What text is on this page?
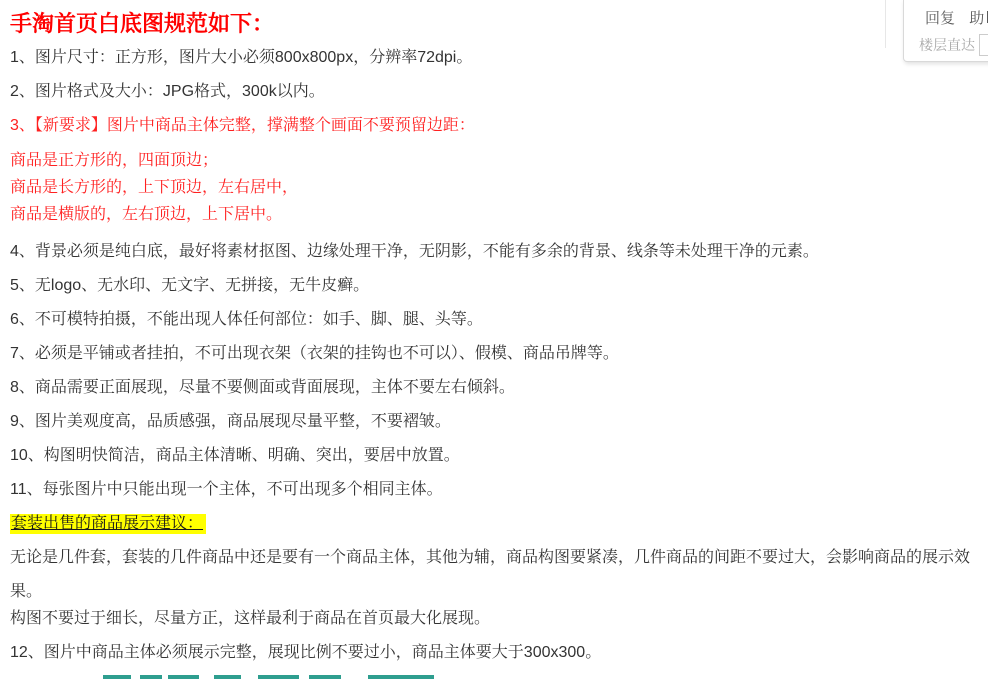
手淘首页白底图规范如下：

1、图片尺寸：正方形，图片大小必须800x800px，分辨率72dpi。

2、图片格式及大小：JPG格式，300k以内。

3、【新要求】图片中商品主体完整，撑满整个画面不要预留边距：

商品是正方形的，四面顶边；
商品是长方形的，上下顶边，左右居中，
商品是横版的，左右顶边，上下居中。

4、背景必须是纯白底，最好将素材抠图、边缘处理干净，无阴影，不能有多余的背景、线条等未处理干净的元素。

5、无logo、无水印、无文字、无拼接，无牛皮癣。

6、不可模特拍摄，不能出现人体任何部位：如手、脚、腿、头等。

7、必须是平铺或者挂拍，不可出现衣架（衣架的挂钩也不可以）、假模、商品吊牌等。

8、商品需要正面展现，尽量不要侧面或背面展现，主体不要左右倾斜。

9、图片美观度高，品质感强，商品展现尽量平整，不要褶皱。

10、构图明快简洁，商品主体清晰、明确、突出，要居中放置。

11、每张图片中只能出现一个主体，不可出现多个相同主体。

套装出售的商品展示建议：

无论是几件套，套装的几件商品中还是要有一个商品主体，其他为辅，商品构图要紧凑，几件商品的间距不要过大，会影响商品的展示效果。

构图不要过于细长，尽量方正，这样最利于商品在首页最大化展现。

12、图片中商品主体必须展示完整，展现比例不要过小，商品主体要大于300x300。

回复 助
楼层直达
